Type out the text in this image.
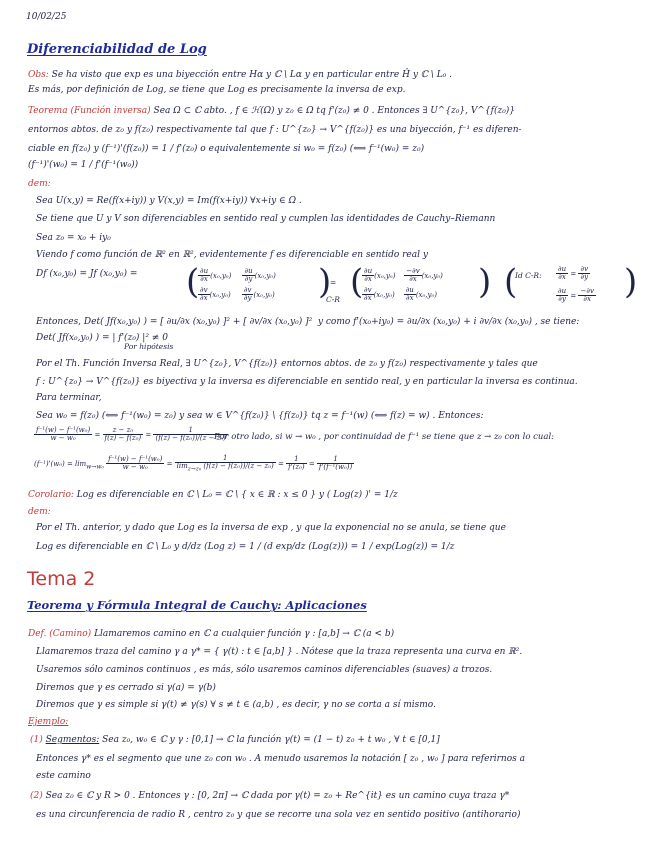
10/02/25
Diferenciabilidad de Log
Obs: Se ha visto que exp es una biyección entre Hα y ℂ \ Lα y en particular entre Ĥ y ℂ \ L₀ .
Es más, por definición de Log, se tiene que Log es precisamente la inversa de exp.
Teorema (Función inversa) Sea Ω ⊂ ℂ abto. , f ∈ ℋ(Ω) y z₀ ∈ Ω tq f'(z₀) ≠ 0 . Entonces ∃ U^{z₀}, V^{f(z₀)}
entornos abtos. de z₀ y f(z₀) respectivamente tal que f : U^{z₀} → V^{f(z₀)} es una biyección, f⁻¹ es diferen-
ciable en f(z₀) y (f⁻¹)'(f(z₀)) = 1 / f'(z₀) o equivalentemente si w₀ = f(z₀) (⟺ f⁻¹(w₀) = z₀)
(f⁻¹)'(w₀) = 1 / f'(f⁻¹(w₀))
dem:
Sea U(x,y) = Re(f(x+iy)) y V(x,y) = Im(f(x+iy)) ∀x+iy ∈ Ω .
Se tiene que U y V son diferenciables en sentido real y cumplen las identidades de Cauchy–Riemann
Sea z₀ = x₀ + iy₀
Viendo f como función de ℝ² en ℝ², evidentemente f es diferenciable en sentido real y
Df (x₀,y₀) = Jf (x₀,y₀) = (
$\frac{\partial u}{\partial x} (x_0,y_0) \frac{\partial u}{\partial y} (x_0,y_0)$
$\frac{\partial v}{\partial x} (x_0,y_0) \frac{\partial v}{\partial y} (x_0,y_0)$ )
=
C-R (
$\frac{\partial u}{\partial x} (x_0,y_0) \frac{-\partial v}{\partial x} (x_0,y_0)$
$\frac{\partial v}{\partial x} (x_0,y_0) \frac{\partial u}{\partial x} (x_0,y_0)$ ) (
Id C-R: $\frac{\partial u}{\partial x} = \frac{\partial v}{\partial y}$
$\frac{\partial u}{\partial y} = \frac{-\partial v}{\partial x}$ )
Entonces, Det( Jf(x₀,y₀) ) = [ ∂u/∂x (x₀,y₀) ]² + [ ∂v/∂x (x₀,y₀) ]² y como f'(x₀+iy₀) = ∂u/∂x (x₀,y₀) + i ∂v/∂x (x₀,y₀) , se tiene:
Det( Jf(x₀,y₀) ) = | f'(z₀) |² ≠ 0
Por hipótesis
Por el Th. Función Inversa Real, ∃ U^{z₀}, V^{f(z₀)} entornos abtos. de z₀ y f(z₀) respectivamente y tales que
f : U^{z₀} → V^{f(z₀)} es biyectiva y la inversa es diferenciable en sentido real, y en particular la inversa es continua.
Para terminar,
Sea w₀ = f(z₀) (⟺ f⁻¹(w₀) = z₀) y sea w ∈ V^{f(z₀)} \ {f(z₀)} tq z = f⁻¹(w) (⟺ f(z) = w) . Entonces:
$\frac{\text{f⁻¹(w) − f⁻¹(w₀)}}{\text{w − w₀}} = \frac{\text{z − z₀}}{\text{f(z) − f(z₀)}} = \frac{1}{\text{(f(z) − f(z₀))/(z − z₀)}}$
Por otro lado, si w → w₀ , por continuidad de f⁻¹ se tiene que z → z₀ con lo cual:
$(f^{-1})'(w_0) = \lim_{w\to w_0} \frac{\text{f⁻¹(w) − f⁻¹(w₀)}}{\text{w − w₀}} = \frac{1}{\lim_{z\to z_0} (f(z) - f(z_0))/(z - z_0)} = \frac{1}{\text{f'(z₀)}} = \frac{1}{\text{f'(f⁻¹(w₀))}}$
Corolario: Log es diferenciable en ℂ \ L₀ = ℂ \ { x ∈ ℝ : x ≤ 0 } y ( Log(z) )' = 1/z
dem:
Por el Th. anterior, y dado que Log es la inversa de exp , y que la exponencial no se anula, se tiene que
Log es diferenciable en ℂ \ L₀ y d/dz (Log z) = 1 / (d exp/dz (Log(z))) = 1 / exp(Log(z)) = 1/z
Tema 2
Teorema y Fórmula Integral de Cauchy: Aplicaciones
Def. (Camino) Llamaremos camino en ℂ a cualquier función γ : [a,b] → ℂ (a < b)
Llamaremos traza del camino γ a γ* = { γ(t) : t ∈ [a,b] } . Nótese que la traza representa una curva en ℝ².
Usaremos sólo caminos continuos , es más, sólo usaremos caminos diferenciables (suaves) a trozos.
Diremos que γ es cerrado si γ(a) = γ(b)
Diremos que γ es simple si γ(t) ≠ γ(s) ∀ s ≠ t ∈ (a,b) , es decir, γ no se corta a sí mismo.
Ejemplo:
(1) Segmentos: Sea z₀, w₀ ∈ ℂ y γ : [0,1] → ℂ la función γ(t) = (1 − t) z₀ + t w₀ , ∀ t ∈ [0,1]
Entonces γ* es el segmento que une z₀ con w₀ . A menudo usaremos la notación [ z₀ , w₀ ] para referirnos a
este camino
(2) Sea z₀ ∈ ℂ y R > 0 . Entonces γ : [0, 2π] → ℂ dada por γ(t) = z₀ + Re^{it} es un camino cuya traza γ*
es una circunferencia de radio R , centro z₀ y que se recorre una sola vez en sentido positivo (antihorario)
